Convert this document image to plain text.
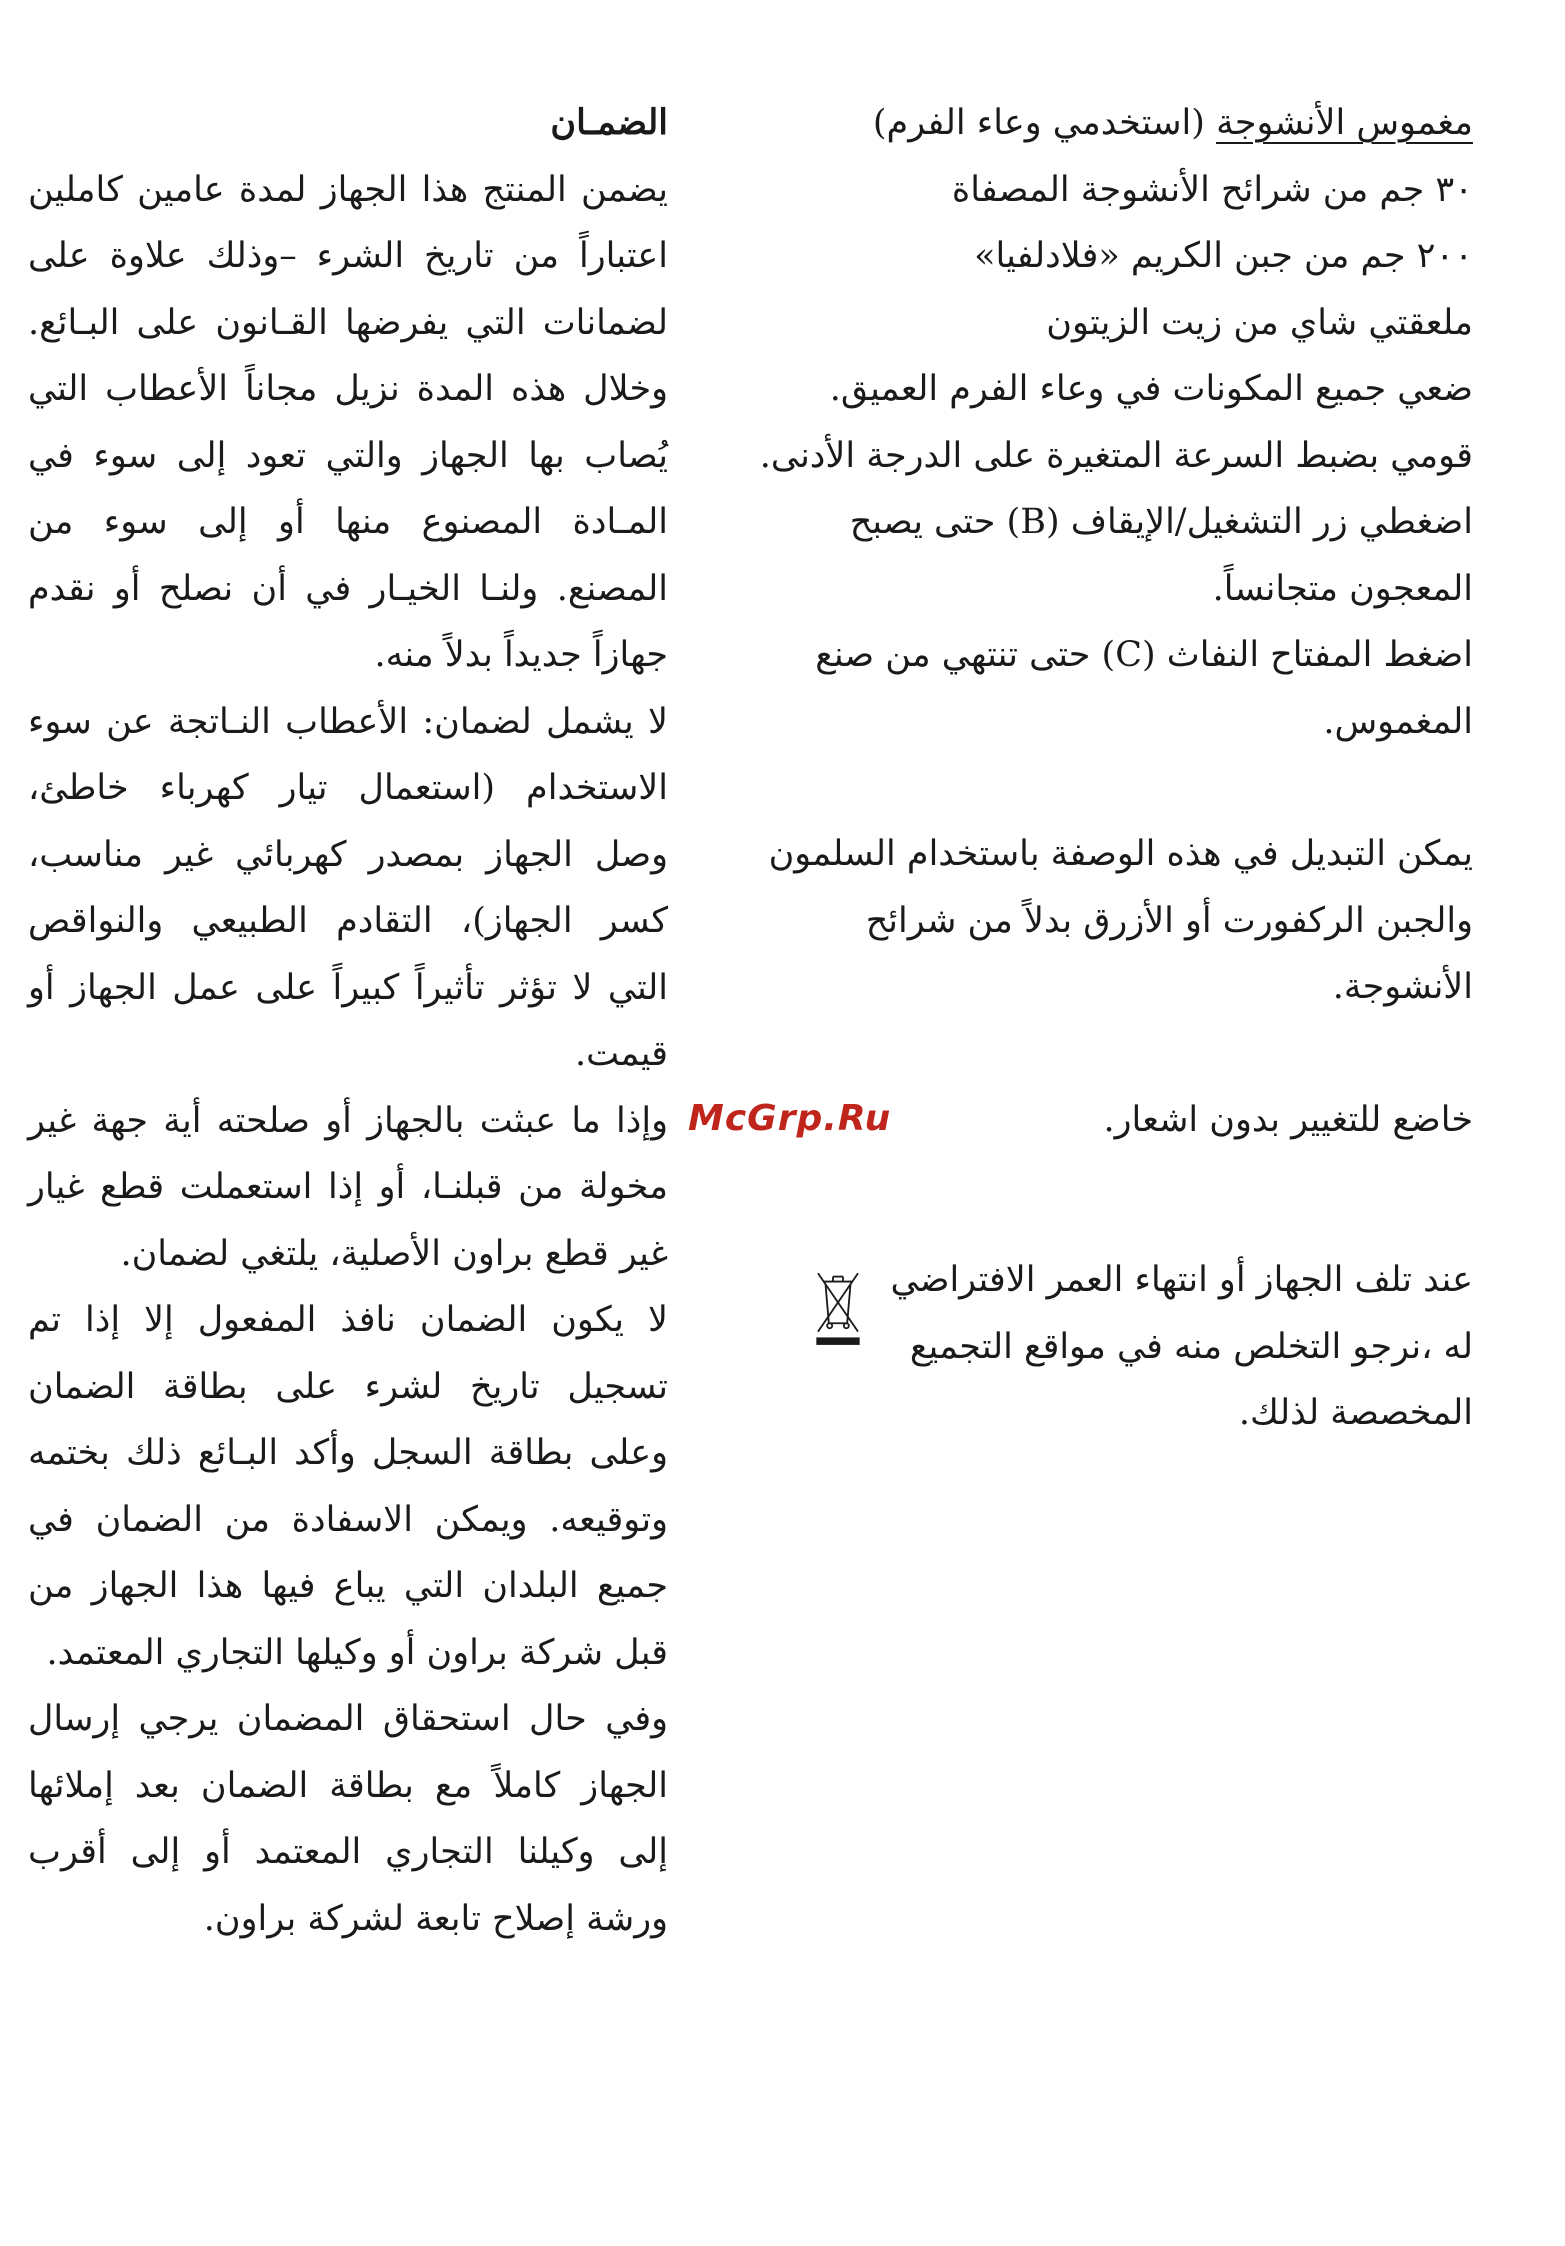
مغموس الأنشوجة (استخدمي وعاء الفرم)
٣٠ جم من شرائح الأنشوجة المصفاة
٢٠٠ جم من جبن الكريم «فلادلفيا»
ملعقتي شاي من زيت الزيتون
ضعي جميع المكونات في وعاء الفرم العميق.
قومي بضبط السرعة المتغيرة على الدرجة الأدنى.
اضغطي زر التشغيل/الإيقاف (B) حتى يصبح
المعجون متجانساً.
اضغط المفتاح النفاث (C) حتى تنتهي من صنع
المغموس.
يمكن التبديل في هذه الوصفة باستخدام السلمون
والجبن الركفورت أو الأزرق بدلاً من شرائح
الأنشوجة.
خاضع للتغيير بدون اشعار.
عند تلف الجهاز أو انتهاء العمر الافتراضي
له ،نرجو التخلص منه في مواقع التجميع
المخصصة لذلك.
الضمـان
يضمن المنتج هذا الجهاز لمدة عامين كاملين اعتباراً من تاريخ الشرء –وذلك علاوة على لضمانات التي يفرضها القـانون على البـائع. وخلال هذه المدة نزيل مجاناً الأعطاب التي يُصاب بها الجهاز والتي تعود إلى سوء في المـادة المصنوع منها أو إلى سوء من المصنع. ولنـا الخيـار في أن نصلح أو نقدم جهازاً جديداً بدلاً منه.
لا يشمل لضمان: الأعطاب النـاتجة عن سوء الاستخدام (استعمال تيار كهرباء خاطئ، وصل الجهاز بمصدر كهربائي غير مناسب، كسر الجهاز)، التقادم الطبيعي والنواقص التي لا تؤثر تأثيراً كبيراً على عمل الجهاز أو قيمت.
وإذا ما عبثت بالجهاز أو صلحته أية جهة غير مخولة من قبلنـا، أو إذا استعملت قطع غيار غير قطع براون الأصلية، يلتغي لضمان.
لا يكون الضمان نافذ المفعول إلا إذا تم تسجيل تاريخ لشرء على بطاقة الضمان وعلى بطاقة السجل وأكد البـائع ذلك بختمه وتوقيعه. ويمكن الاسفادة من الضمان في جميع البلدان التي يباع فيها هذا الجهاز من قبل شركة براون أو وكيلها التجاري المعتمد.
وفي حال استحقاق المضمان يرجي إرسال الجهاز كاملاً مع بطاقة الضمان بعد إملائها إلى وكيلنا التجاري المعتمد أو إلى أقرب ورشة إصلاح تابعة لشركة براون.
McGrp.Ru
